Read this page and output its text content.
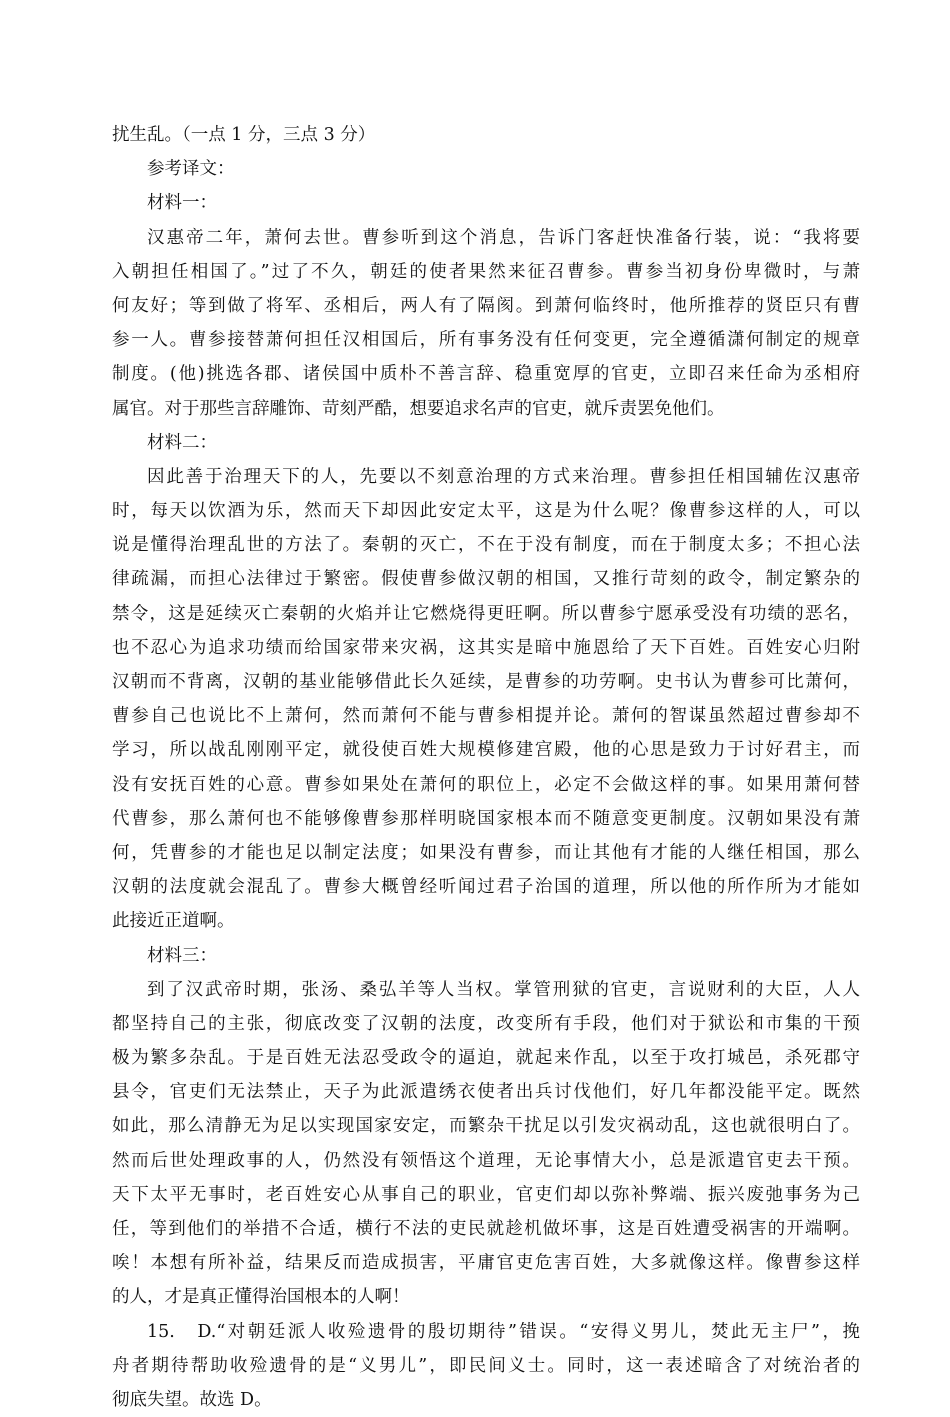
扰生乱。（一点 1 分，三点 3 分）
参考译文：
材料一：
汉惠帝二年，萧何去世。曹参听到这个消息，告诉门客赶快准备行装，说：“我将要
入朝担任相国了。”过了不久，朝廷的使者果然来征召曹参。曹参当初身份卑微时，与萧
何友好；等到做了将军、丞相后，两人有了隔阂。到萧何临终时，他所推荐的贤臣只有曹
参一人。曹参接替萧何担任汉相国后，所有事务没有任何变更，完全遵循潇何制定的规章
制度。(他)挑选各郡、诸侯国中质朴不善言辞、稳重宽厚的官吏，立即召来任命为丞相府
属官。对于那些言辞雕饰、苛刻严酷，想要追求名声的官吏，就斥责罢免他们。
材料二：
因此善于治理天下的人，先要以不刻意治理的方式来治理。曹参担任相国辅佐汉惠帝
时，每天以饮酒为乐，然而天下却因此安定太平，这是为什么呢？像曹参这样的人，可以
说是懂得治理乱世的方法了。秦朝的灭亡，不在于没有制度，而在于制度太多；不担心法
律疏漏，而担心法律过于繁密。假使曹参做汉朝的相国，又推行苛刻的政令，制定繁杂的
禁令，这是延续灭亡秦朝的火焰并让它燃烧得更旺啊。所以曹参宁愿承受没有功绩的恶名，
也不忍心为追求功绩而给国家带来灾祸，这其实是暗中施恩给了天下百姓。百姓安心归附
汉朝而不背离，汉朝的基业能够借此长久延续，是曹参的功劳啊。史书认为曹参可比萧何，
曹参自己也说比不上萧何，然而萧何不能与曹参相提并论。萧何的智谋虽然超过曹参却不
学习，所以战乱刚刚平定，就役使百姓大规模修建宫殿，他的心思是致力于讨好君主，而
没有安抚百姓的心意。曹参如果处在萧何的职位上，必定不会做这样的事。如果用萧何替
代曹参，那么萧何也不能够像曹参那样明晓国家根本而不随意变更制度。汉朝如果没有萧
何，凭曹参的才能也足以制定法度；如果没有曹参，而让其他有才能的人继任相国，那么
汉朝的法度就会混乱了。曹参大概曾经听闻过君子治国的道理，所以他的所作所为才能如
此接近正道啊。
材料三：
到了汉武帝时期，张汤、桑弘羊等人当权。掌管刑狱的官吏，言说财利的大臣，人人
都坚持自己的主张，彻底改变了汉朝的法度，改变所有手段，他们对于狱讼和市集的干预
极为繁多杂乱。于是百姓无法忍受政令的逼迫，就起来作乱，以至于攻打城邑，杀死郡守
县令，官吏们无法禁止，天子为此派遣绣衣使者出兵讨伐他们，好几年都没能平定。既然
如此，那么清静无为足以实现国家安定，而繁杂干扰足以引发灾祸动乱，这也就很明白了。
然而后世处理政事的人，仍然没有领悟这个道理，无论事情大小，总是派遣官吏去干预。
天下太平无事时，老百姓安心从事自己的职业，官吏们却以弥补弊端、振兴废弛事务为己
任，等到他们的举措不合适，横行不法的吏民就趁机做坏事，这是百姓遭受祸害的开端啊。
唉！本想有所补益，结果反而造成损害，平庸官吏危害百姓，大多就像这样。像曹参这样
的人，才是真正懂得治国根本的人啊！
15.　D.“对朝廷派人收殓遗骨的殷切期待”错误。“安得义男儿，焚此无主尸”，挽
舟者期待帮助收殓遗骨的是“义男儿”，即民间义士。同时，这一表述暗含了对统治者的
彻底失望。故选 D。
